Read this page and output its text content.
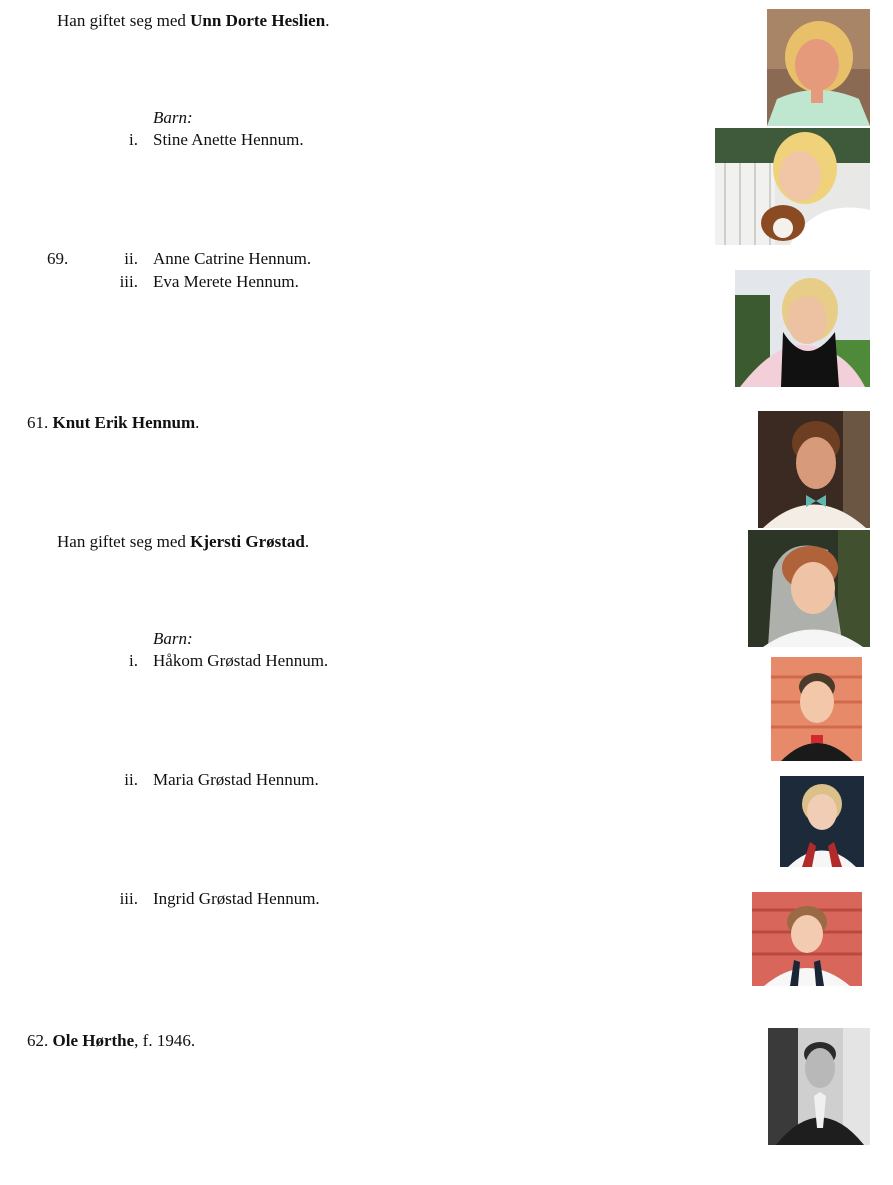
Han giftet seg med Unn Dorte Heslien.
Barn:
i. Stine Anette Hennum.
69.	ii. Anne Catrine Hennum.
iii. Eva Merete Hennum.
61. Knut Erik Hennum.
Han giftet seg med Kjersti Grøstad.
Barn:
i. Håkom Grøstad Hennum.
ii. Maria Grøstad Hennum.
iii. Ingrid Grøstad Hennum.
62. Ole Hørthe, f. 1946.
